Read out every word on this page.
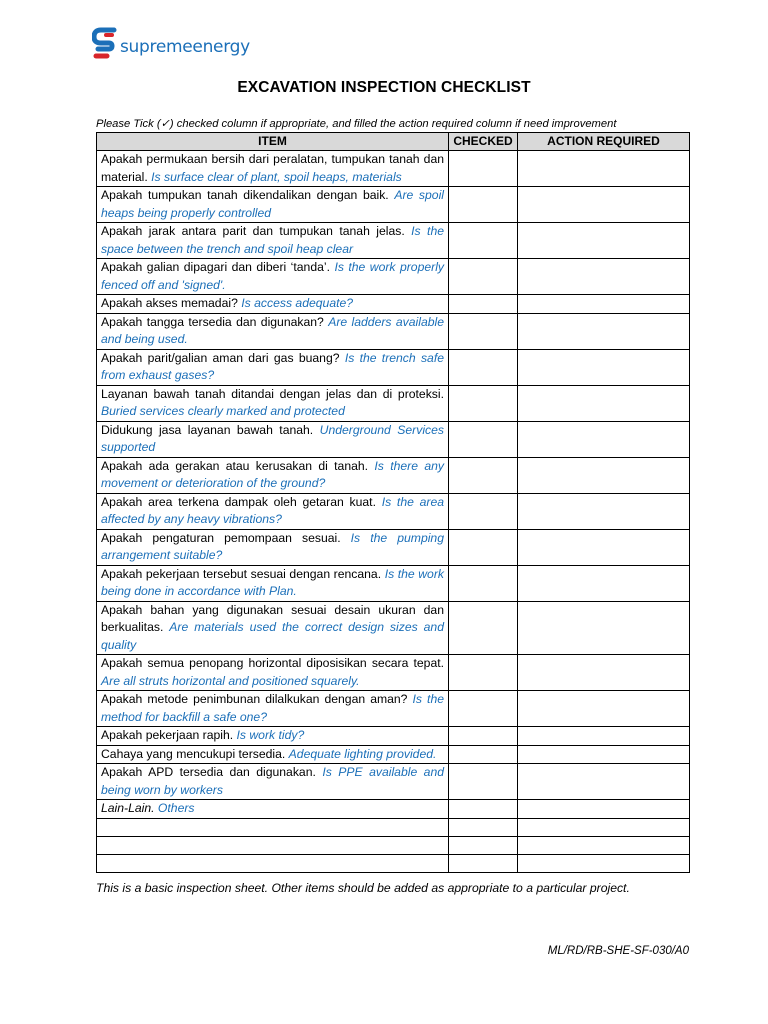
supremeenergy
EXCAVATION INSPECTION CHECKLIST
Please Tick (✓) checked column if appropriate, and filled the action required column if need improvement
ITEM	CHECKED	ACTION REQUIRED
Apakah permukaan bersih dari peralatan, tumpukan tanah dan material. Is surface clear of plant, spoil heaps, materials		
Apakah tumpukan tanah dikendalikan dengan baik. Are spoil heaps being properly controlled		
Apakah jarak antara parit dan tumpukan tanah jelas. Is the space between the trench and spoil heap clear		
Apakah galian dipagari dan diberi ‘tanda’. Is the work properly fenced off and 'signed'.		
Apakah akses memadai? Is access adequate?		
Apakah tangga tersedia dan digunakan? Are ladders available and being used.		
Apakah parit/galian aman dari gas buang? Is the trench safe from exhaust gases?		
Layanan bawah tanah ditandai dengan jelas dan di proteksi. Buried services clearly marked and protected		
Didukung jasa layanan bawah tanah. Underground Services supported		
Apakah ada gerakan atau kerusakan di tanah. Is there any movement or deterioration of the ground?		
Apakah area terkena dampak oleh getaran kuat. Is the area affected by any heavy vibrations?		
Apakah pengaturan pemompaan sesuai. Is the pumping arrangement suitable?		
Apakah pekerjaan tersebut sesuai dengan rencana. Is the work being done in accordance with Plan.		
Apakah bahan yang digunakan sesuai desain ukuran dan berkualitas. Are materials used the correct design sizes and quality		
Apakah semua penopang horizontal diposisikan secara tepat. Are all struts horizontal and positioned squarely.		
Apakah metode penimbunan dilalkukan dengan aman? Is the method for backfill a safe one?		
Apakah pekerjaan rapih. Is work tidy?		
Cahaya yang mencukupi tersedia. Adequate lighting provided.		
Apakah APD tersedia dan digunakan. Is PPE available and being worn by workers		
Lain-Lain. Others		

This is a basic inspection sheet. Other items should be added as appropriate to a particular project.
ML/RD/RB-SHE-SF-030/A0
